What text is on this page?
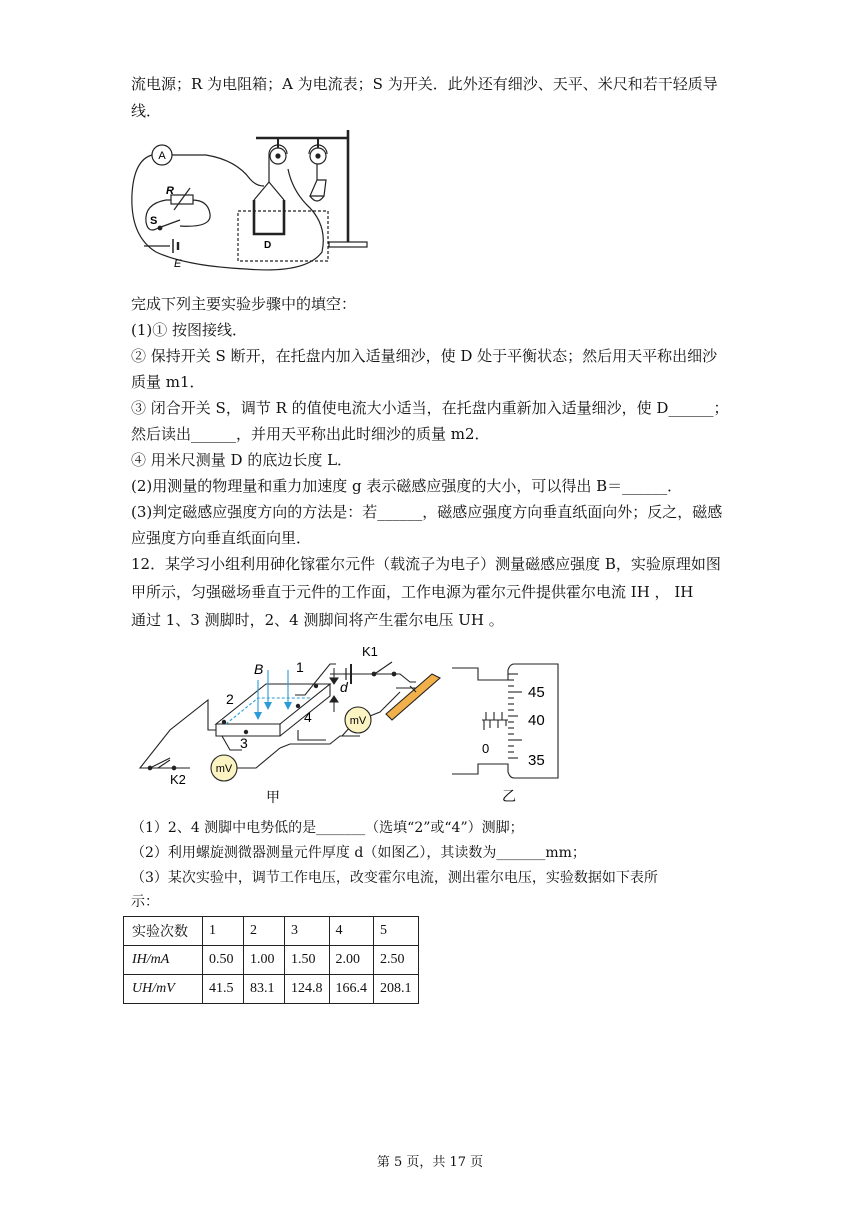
流电源；R 为电阻箱；A 为电流表；S 为开关．此外还有细沙、天平、米尺和若干轻质导
线．
A
R
S
E
D
完成下列主要实验步骤中的填空：
(1)① 按图接线．
② 保持开关 S 断开，在托盘内加入适量细沙，使 D 处于平衡状态；然后用天平称出细沙
质量 m1．
③ 闭合开关 S，调节 R 的值使电流大小适当，在托盘内重新加入适量细沙，使 D______；
然后读出______，并用天平称出此时细沙的质量 m2．
④ 用米尺测量 D 的底边长度 L．
(2)用测量的物理量和重力加速度 g 表示磁感应强度的大小，可以得出 B＝______．
(3)判定磁感应强度方向的方法是：若______，磁感应强度方向垂直纸面向外；反之，磁感
应强度方向垂直纸面向里．
12．某学习小组利用砷化镓霍尔元件（载流子为电子）测量磁感应强度 B，实验原理如图
甲所示，匀强磁场垂直于元件的工作面，工作电源为霍尔元件提供霍尔电流 IH ， IH
通过 1、3 测脚时，2、4 测脚间将产生霍尔电压 UH 。
B
d
1
2
3
4
K1
K2
mV
mV
甲
45
40
35
0
乙
（1）2、4 测脚中电势低的是_______（选填“2”或“4”）测脚；
（2）利用螺旋测微器测量元件厚度 d（如图乙），其读数为_______mm；
（3）某次实验中，调节工作电压，改变霍尔电流，测出霍尔电压，实验数据如下表所
示：
实验次数	1	2	3	4	5
IH/mA	0.50	1.00	1.50	2.00	2.50
UH/mV	41.5	83.1	124.8	166.4	208.1
第 5 页，共 17 页
